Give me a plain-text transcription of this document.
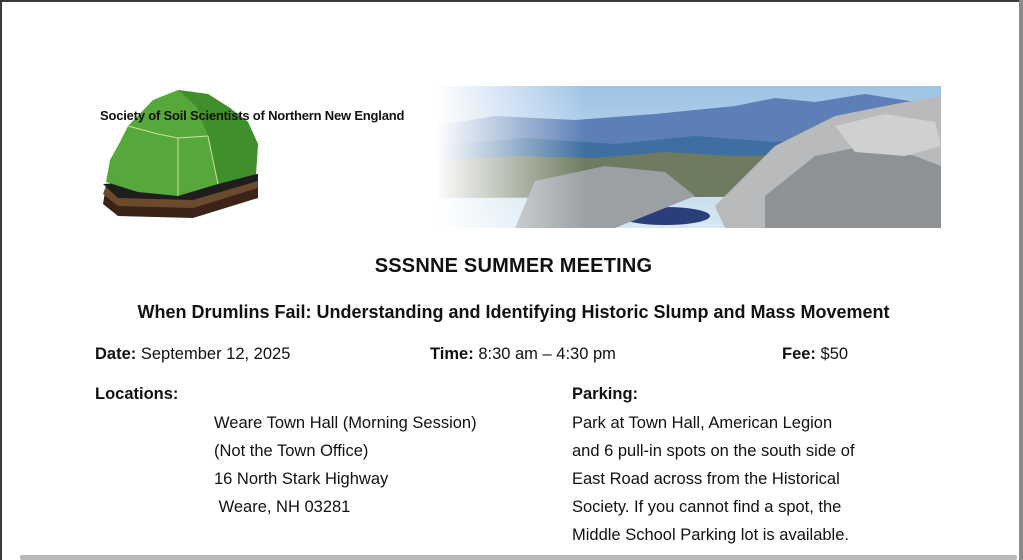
Society of Soil Scientists of Northern New England
SSSNNE SUMMER MEETING
When Drumlins Fail: Understanding and Identifying Historic Slump and Mass Movement
Date: September 12, 2025	Time: 8:30 am – 4:30 pm	Fee: $50
Locations:	Parking:
Weare Town Hall (Morning Session)
(Not the Town Office)
16 North Stark Highway
Weare, NH 03281
Park at Town Hall, American Legion
and 6 pull-in spots on the south side of
East Road across from the Historical
Society. If you cannot find a spot, the
Middle School Parking lot is available.
